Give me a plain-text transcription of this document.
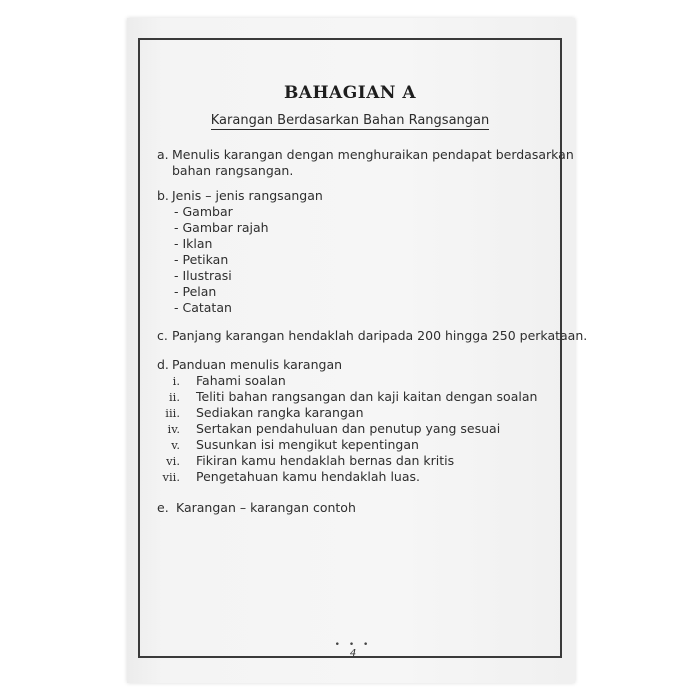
BAHAGIAN A
Karangan Berdasarkan Bahan Rangsangan
a. Menulis karangan dengan menghuraikan pendapat berdasarkan
bahan rangsangan.
b. Jenis – jenis rangsangan
- Gambar
- Gambar rajah
- Iklan
- Petikan
- Ilustrasi
- Pelan
- Catatan
c. Panjang karangan hendaklah daripada 200 hingga 250 perkataan.
d. Panduan menulis karangan
i. Fahami soalan
ii. Teliti bahan rangsangan dan kaji kaitan dengan soalan
iii. Sediakan rangka karangan
iv. Sertakan pendahuluan dan penutup yang sesuai
v. Susunkan isi mengikut kepentingan
vi. Fikiran kamu hendaklah bernas dan kritis
vii. Pengetahuan kamu hendaklah luas.
e. Karangan – karangan contoh
• • •
4
